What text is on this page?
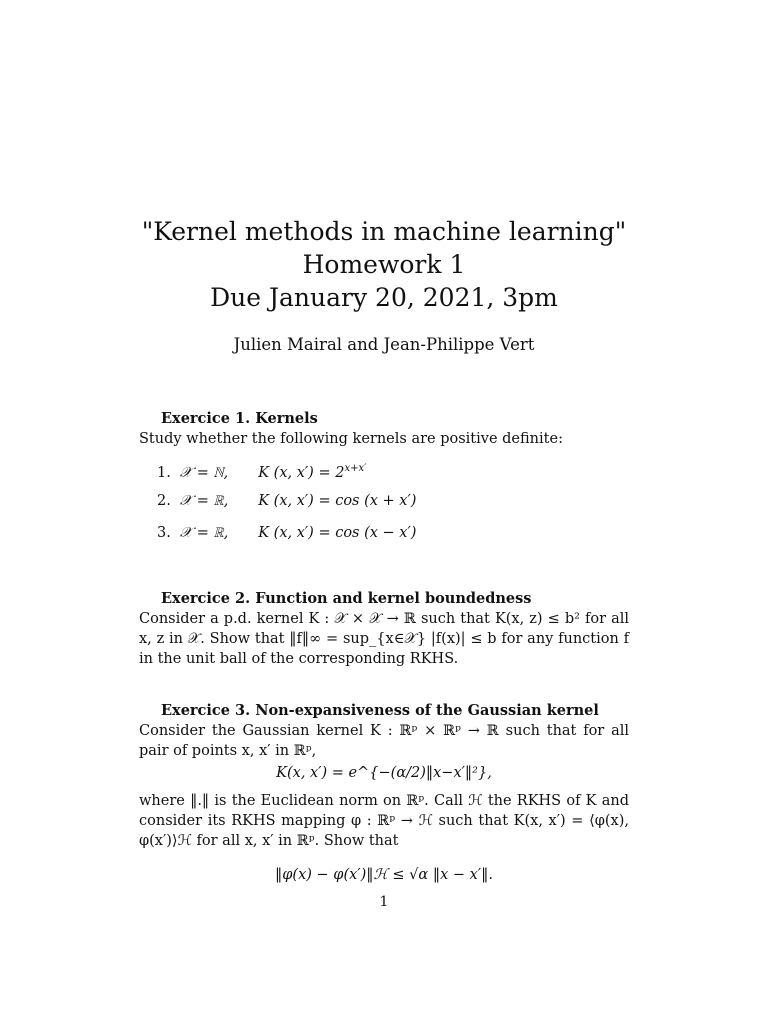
"Kernel methods in machine learning"
Homework 1
Due January 20, 2021, 3pm
Julien Mairal and Jean-Philippe Vert
Exercice 1. Kernels
Study whether the following kernels are positive definite:
1. 𝒳 = ℕ, K (x, $x') = 2^{x+x'}$
2. 𝒳 = ℝ, K (x, x′) = cos (x + x′)
3. 𝒳 = ℝ, K (x, x′) = cos (x − x′)
Exercice 2. Function and kernel boundedness
Consider a p.d. kernel K : 𝒳 × 𝒳 → ℝ such that K(x, z) ≤ b² for all x, z in 𝒳. Show that ‖f‖∞ = sup_{x∈𝒳} |f(x)| ≤ b for any function f in the unit ball of the corresponding RKHS.
Exercice 3. Non-expansiveness of the Gaussian kernel
Consider the Gaussian kernel K : ℝᵖ × ℝᵖ → ℝ such that for all pair of points x, x′ in ℝᵖ,
K(x, x′) = e^{−(α/2)‖x−x′‖²},
where ‖.‖ is the Euclidean norm on ℝᵖ. Call ℋ the RKHS of K and consider its RKHS mapping φ : ℝᵖ → ℋ such that K(x, x′) = ⟨φ(x), φ(x′)⟩ℋ for all x, x′ in ℝᵖ. Show that
‖φ(x) − φ(x′)‖ℋ ≤ √α ‖x − x′‖.
1
